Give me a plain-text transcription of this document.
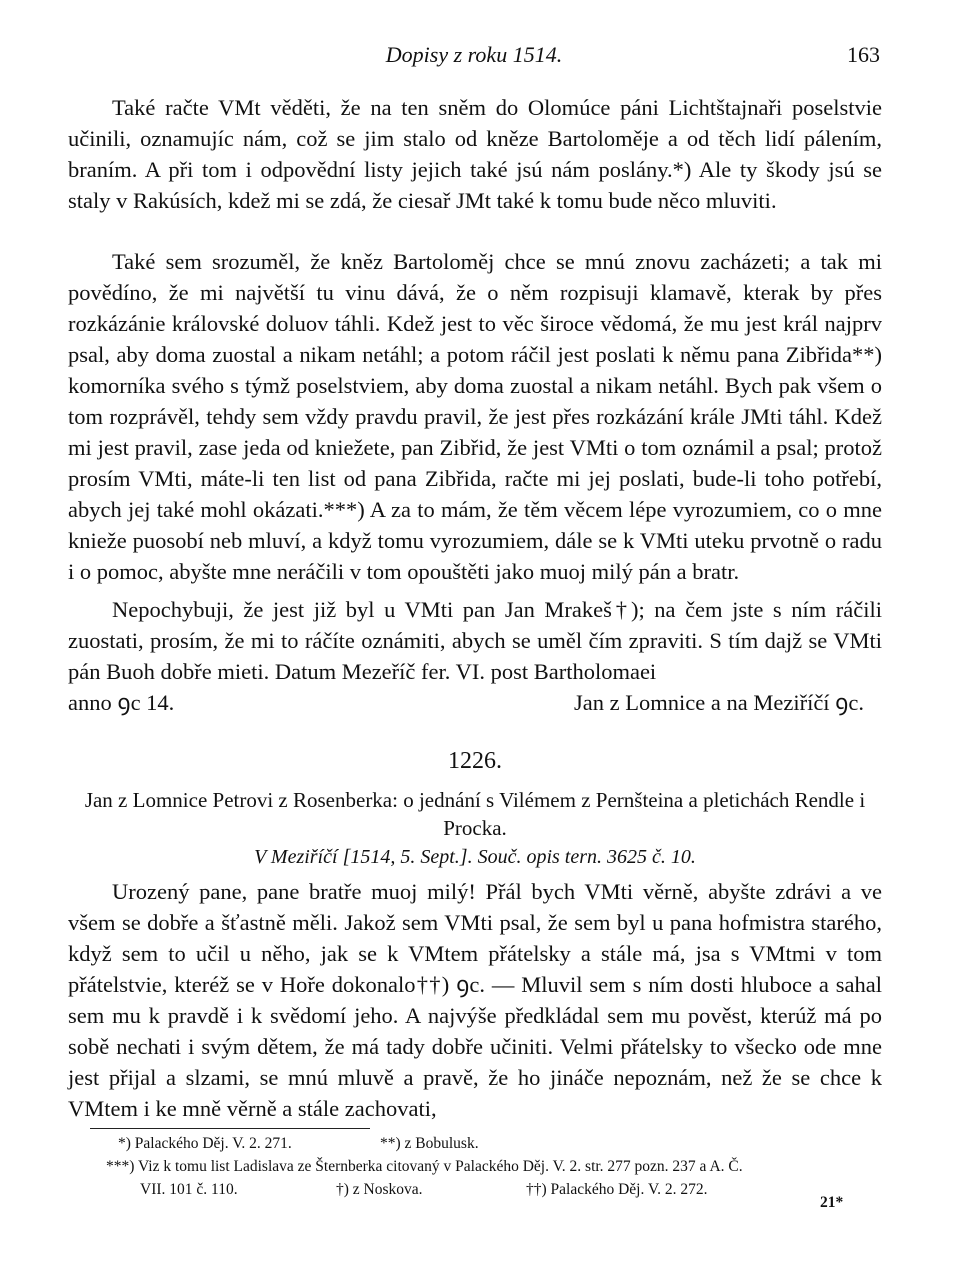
Dopisy z roku 1514.	163

Také račte VMt věděti, že na ten sněm do Olomúce páni Lichtštajnaři poselstvie učinili, oznamujíc nám, což se jim stalo od kněze Bartoloměje a od těch lidí pálením, braním. A při tom i odpovědní listy jejich také jsú nám poslány.*) Ale ty škody jsú se staly v Rakúsích, kdež mi se zdá, že ciesař JMt také k tomu bude něco mluviti.

Také sem srozuměl, že kněz Bartoloměj chce se mnú znovu zacházeti; a tak mi povědíno, že mi najvětší tu vinu dává, že o něm rozpisuji klamavě, kterak by přes rozkázánie královské doluov táhli. Kdež jest to věc široce vědomá, že mu jest král najprv psal, aby doma zuostal a nikam netáhl; a potom ráčil jest poslati k němu pana Zibřida**) komorníka svého s týmž poselstviem, aby doma zuostal a nikam netáhl. Bych pak všem o tom rozprávěl, tehdy sem vždy pravdu pravil, že jest přes rozkázání krále JMti táhl. Kdež mi jest pravil, zase jeda od kniežete, pan Zibřid, že jest VMti o tom oznámil a psal; protož prosím VMti, máte-li ten list od pana Zibřida, račte mi jej poslati, bude-li toho potřebí, abych jej také mohl okázati.***) A za to mám, že těm věcem lépe vyrozumiem, co o mne knieže puosobí neb mluví, a když tomu vyrozumiem, dále se k VMti uteku prvotně o radu i o pomoc, abyšte mne neráčili v tom opouštěti jako muoj milý pán a bratr.

Nepochybuji, že jest již byl u VMti pan Jan Mrakeš†); na čem jste s ním ráčili zuostati, prosím, že mi to ráčíte oznámiti, abych se uměl čím zpraviti. S tím dajž se VMti pán Buoh dobře mieti. Datum Mezeříč fer. VI. post Bartholomaei

anno ꝯc 14.	Jan z Lomnice a na Meziříčí ꝯc.
1226.
Jan z Lomnice Petrovi z Rosenberka: o jednání s Vilémem z Pernšteina a pletichách Rendle i Procka.
V Meziříčí [1514, 5. Sept.]. Souč. opis tern. 3625 č. 10.

Urozený pane, pane bratře muoj milý! Přál bych VMti věrně, abyšte zdrávi a ve všem se dobře a šťastně měli. Jakož sem VMti psal, že sem byl u pana hofmistra starého, když sem to učil u něho, jak se k VMtem přátelsky a stále má, jsa s VMtmi v tom přátelstvie, kteréž se v Hoře dokonalo††) ꝯc. — Mluvil sem s ním dosti hluboce a sahal sem mu k pravdě i k svědomí jeho. A najvýše předkládal sem mu pověst, kterúž má po sobě nechati i svým dětem, že má tady dobře učiniti. Velmi přátelsky to všecko ode mne jest přijal a slzami, se mnú mluvě a pravě, že ho jináče nepoznám, než že se chce k VMtem i ke mně věrně a stále zachovati,

*) Palackého Děj. V. 2. 271.	**) z Bobulusk.
***) Viz k tomu list Ladislava ze Šternberka citovaný v Palackého Děj. V. 2. str. 277 pozn. 237 a A. Č.
VII. 101 č. 110.	†) z Noskova.	††) Palackého Děj. V. 2. 272.
21*
